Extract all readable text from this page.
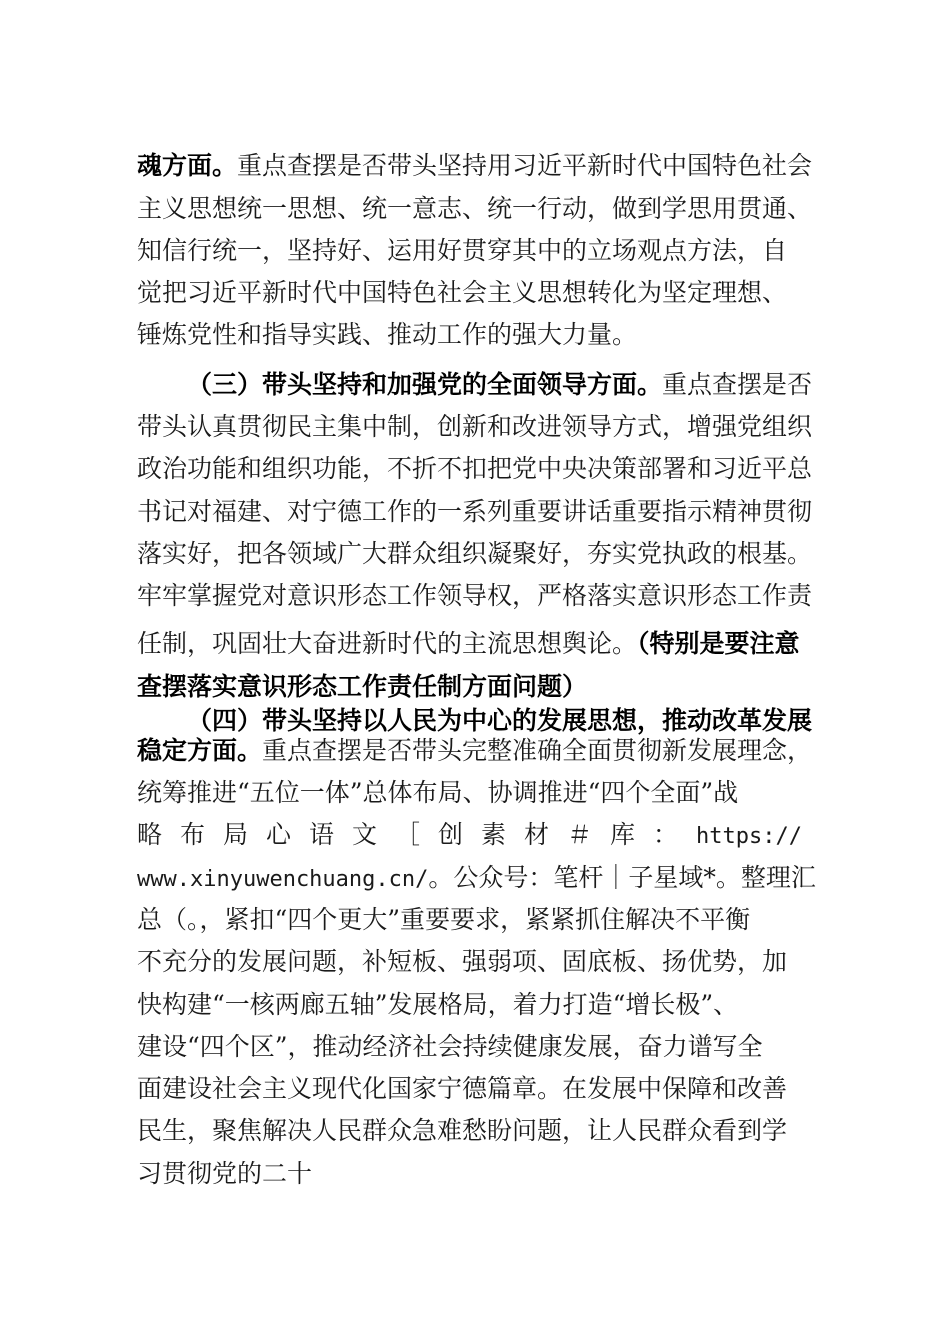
魂方面。重点查摆是否带头坚持用习近平新时代中国特色社会
主义思想统一思想、统一意志、统一行动，做到学思用贯通、
知信行统一，坚持好、运用好贯穿其中的立场观点方法，自
觉把习近平新时代中国特色社会主义思想转化为坚定理想、
锤炼党性和指导实践、推动工作的强大力量。
（三）带头坚持和加强党的全面领导方面。重点查摆是否
带头认真贯彻民主集中制，创新和改进领导方式，增强党组织
政治功能和组织功能，不折不扣把党中央决策部署和习近平总
书记对福建、对宁德工作的一系列重要讲话重要指示精神贯彻
落实好，把各领域广大群众组织凝聚好，夯实党执政的根基。
牢牢掌握党对意识形态工作领导权，严格落实意识形态工作责
任制，巩固壮大奋进新时代的主流思想舆论。（特别是要注意
查摆落实意识形态工作责任制方面问题）
（四）带头坚持以人民为中心的发展思想，推动改革发展
稳定方面。重点查摆是否带头完整准确全面贯彻新发展理念，
统筹推进“五位一体”总体布局、协调推进“四个全面”战
略布局心语文［创素材＃库：https://
www.xinyuwenchuang.cn/。公众号：笔杆｜子星域*。整理汇
总（。，紧扣“四个更大”重要要求，紧紧抓住解决不平衡
不充分的发展问题，补短板、强弱项、固底板、扬优势，加
快构建“一核两廊五轴”发展格局，着力打造“增长极”、
建设“四个区”，推动经济社会持续健康发展，奋力谱写全
面建设社会主义现代化国家宁德篇章。在发展中保障和改善
民生，聚焦解决人民群众急难愁盼问题，让人民群众看到学
习贯彻党的二十
